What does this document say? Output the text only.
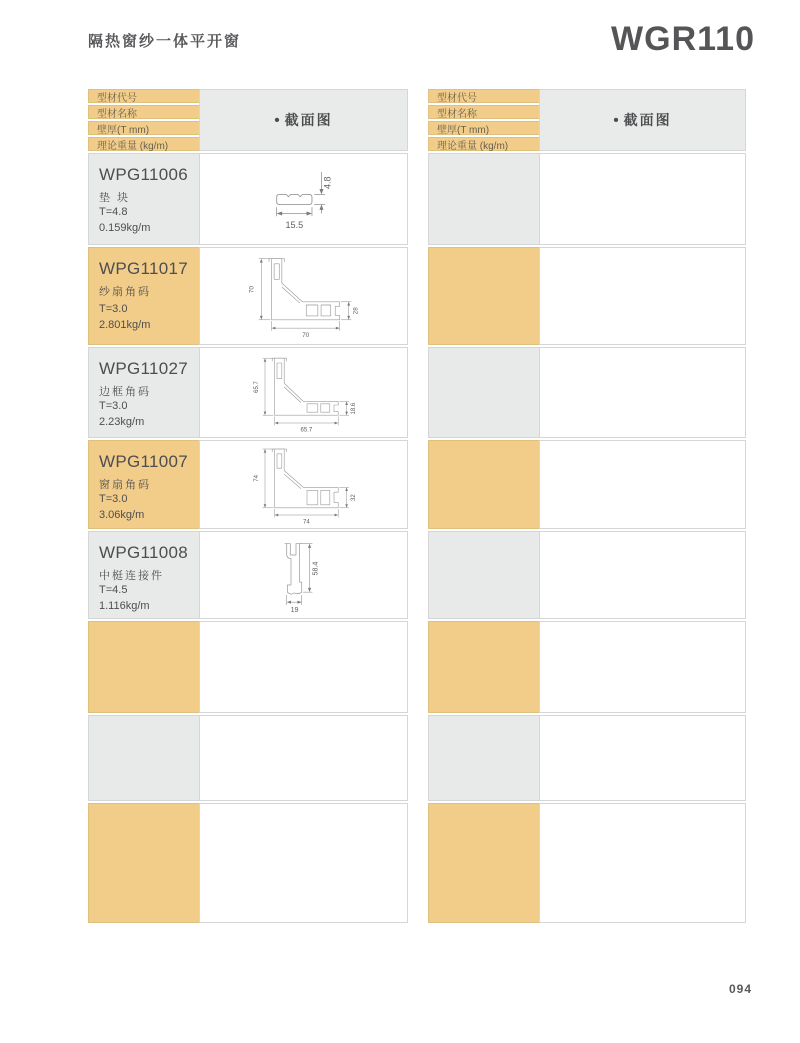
隔热窗纱一体平开窗	WGR110
型材代号
型材名称
壁厚(T mm)
理论重量 (kg/m)
• 截面图
WPG11006
垫 块
T=4.8
0.159kg/m	15.5
4.8
WPG11017
纱扇角码
T=3.0
2.801kg/m
70
70
28
WPG11027
边框角码
T=3.0
2.23kg/m
65.7
65.7
18.6
WPG11007
窗扇角码
T=3.0
3.06kg/m
74
74
32
WPG11008
中梃连接件
T=4.5
1.116kg/m
58.4
19
型材代号
型材名称
壁厚(T mm)
理论重量 (kg/m)
• 截面图
094
